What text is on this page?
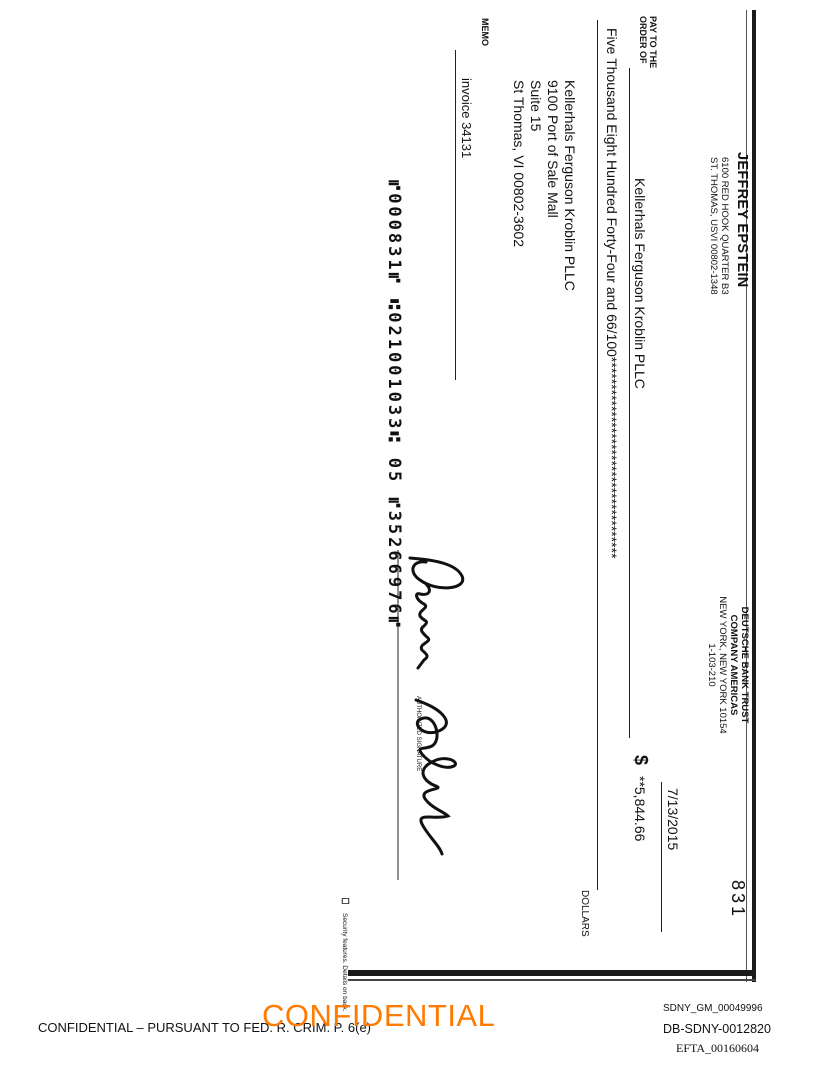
JEFFREY EPSTEIN
6100 RED HOOK QUARTER B3
ST. THOMAS, USVI 00802-1348
831
DEUTSCHE BANK TRUST
COMPANY AMERICAS
NEW YORK, NEW YORK 10154
1-103-210
7/13/2015
PAY TO THE
ORDER OF
Kellerhals Ferguson Kroblin PLLC
$
**5,844.66
Five Thousand Eight Hundred Forty-Four and 66/100*************************************
DOLLARS
Kellerhals Ferguson Kroblin PLLC
9100 Port of Sale Mall
Suite 15
St Thomas, VI 00802-3602
MEMO
invoice 34131
AUTHORIZED SIGNATURE
⑈000831⑈ ⑆021001033⑆ 05 ⑈35266976⑈
⎕
Security features. Details on back.
CONFIDENTIAL – PURSUANT TO FED. R. CRIM. P. 6(e)
CONFIDENTIAL	SDNY_GM_00049996
DB-SDNY-0012820
EFTA_00160604
